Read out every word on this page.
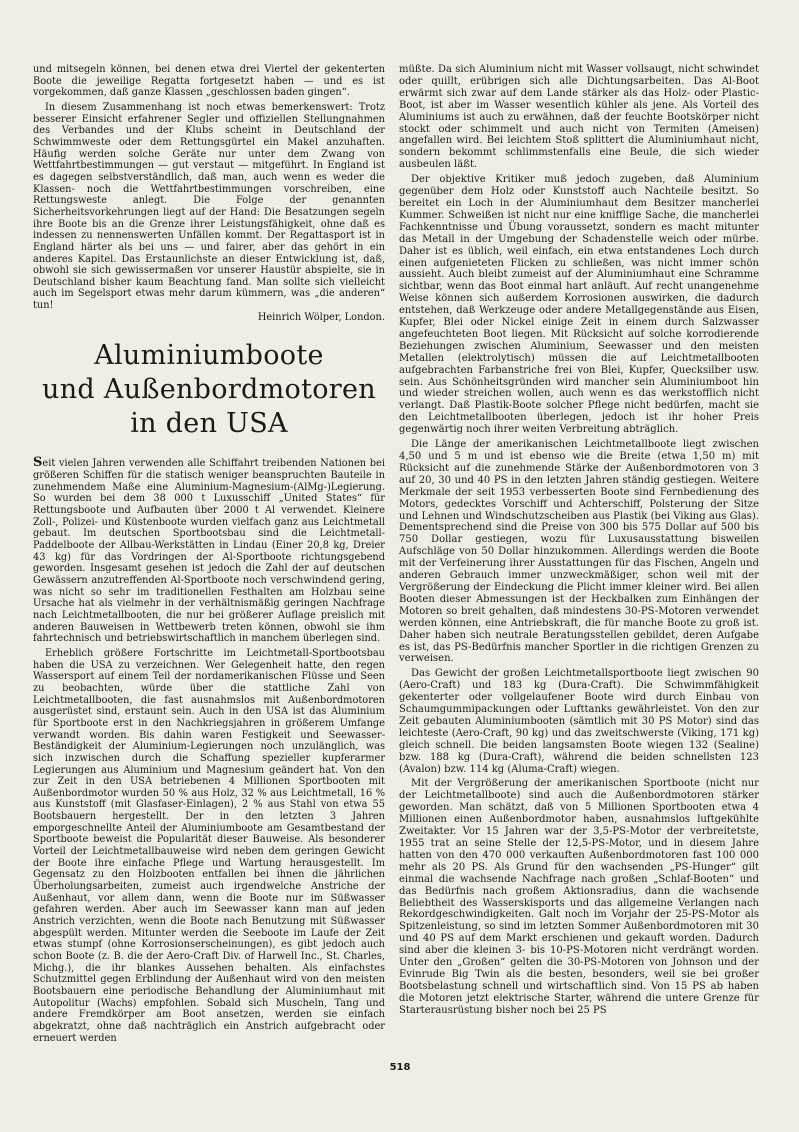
und mitsegeln können, bei denen etwa drei Viertel der gekenterten Boote die jeweilige Regatta fortgesetzt haben — und es ist vorgekommen, daß ganze Klassen „geschlossen baden gingen“.

In diesem Zusammenhang ist noch etwas bemerkenswert: Trotz besserer Einsicht erfahrener Segler und offiziellen Stellungnahmen des Verbandes und der Klubs scheint in Deutschland der Schwimmweste oder dem Rettungsgürtel ein Makel anzuhaften. Häufig werden solche Geräte nur unter dem Zwang von Wettfahrtbestimmungen — gut verstaut — mitgeführt. In England ist es dagegen selbstverständlich, daß man, auch wenn es weder die Klassen- noch die Wettfahrtbestimmungen vorschreiben, eine Rettungsweste anlegt. Die Folge der genannten Sicherheitsvorkehrungen liegt auf der Hand: Die Besatzungen segeln ihre Boote bis an die Grenze ihrer Leistungsfähigkeit, ohne daß es indessen zu nennenswerten Unfällen kommt. Der Regattasport ist in England härter als bei uns — und fairer, aber das gehört in ein anderes Kapitel. Das Erstaunlichste an dieser Entwicklung ist, daß, obwohl sie sich gewissermaßen vor unserer Haustür abspielte, sie in Deutschland bisher kaum Beachtung fand. Man sollte sich vielleicht auch im Segelsport etwas mehr darum kümmern, was „die anderen“ tun!
Heinrich Wölper, London.

Aluminiumboote
und Außenbordmotoren
in den USA

Seit vielen Jahren verwenden alle Schiffahrt treibenden Nationen bei größeren Schiffen für die statisch weniger beanspruchten Bauteile in zunehmendem Maße eine Aluminium-Magnesium-(AlMg-)Legierung. So wurden bei dem 38 000 t Luxusschiff „United States“ für Rettungsboote und Aufbauten über 2000 t Al verwendet. Kleinere Zoll-, Polizei- und Küstenboote wurden vielfach ganz aus Leichtmetall gebaut. Im deutschen Sportbootsbau sind die Leichtmetall-Paddelboote der Allbau-Werkstätten in Lindau (Einer 20,8 kg, Dreier 43 kg) für das Vordringen der Al-Sportboote richtungsgebend geworden. Insgesamt gesehen ist jedoch die Zahl der auf deutschen Gewässern anzutreffenden Al-Sportboote noch verschwindend gering, was nicht so sehr im traditionellen Festhalten am Holzbau seine Ursache hat als vielmehr in der verhältnismäßig geringen Nachfrage nach Leichtmetallbooten, die nur bei größerer Auflage preislich mit anderen Bauweisen in Wettbewerb treten können, obwohl sie ihm fahrtechnisch und betriebswirtschaftlich in manchem überlegen sind.

Erheblich größere Fortschritte im Leichtmetall-Sportbootsbau haben die USA zu verzeichnen. Wer Gelegenheit hatte, den regen Wassersport auf einem Teil der nordamerikanischen Flüsse und Seen zu beobachten, würde über die stattliche Zahl von Leichtmetallbooten, die fast ausnahmslos mit Außenbordmotoren ausgerüstet sind, erstaunt sein. Auch in den USA ist das Aluminium für Sportboote erst in den Nachkriegsjahren in größerem Umfange verwandt worden. Bis dahin waren Festigkeit und Seewasser-Beständigkeit der Aluminium-Legierungen noch unzulänglich, was sich inzwischen durch die Schaffung spezieller kupferarmer Legierungen aus Aluminium und Magnesium geändert hat. Von den zur Zeit in den USA betriebenen 4 Millionen Sportbooten mit Außenbordmotor wurden 50 % aus Holz, 32 % aus Leichtmetall, 16 % aus Kunststoff (mit Glasfaser-Einlagen), 2 % aus Stahl von etwa 55 Bootsbauern hergestellt. Der in den letzten 3 Jahren emporgeschnellte Anteil der Aluminiumboote am Gesamtbestand der Sportboote beweist die Popularität dieser Bauweise. Als besonderer Vorteil der Leichtmetallbauweise wird neben dem geringen Gewicht der Boote ihre einfache Pflege und Wartung herausgestellt. Im Gegensatz zu den Holzbooten entfallen bei ihnen die jährlichen Überholungsarbeiten, zumeist auch irgendwelche Anstriche der Außenhaut, vor allem dann, wenn die Boote nur im Süßwasser gefahren werden. Aber auch im Seewasser kann man auf jeden Anstrich verzichten, wenn die Boote nach Benutzung mit Süßwasser abgespült werden. Mitunter werden die Seeboote im Laufe der Zeit etwas stumpf (ohne Korrosionserscheinungen), es gibt jedoch auch schon Boote (z. B. die der Aero-Craft Div. of Harwell Inc., St. Charles, Michg.), die ihr blankes Aussehen behalten. Als einfachstes Schutzmittel gegen Erblindung der Außenhaut wird von den meisten Bootsbauern eine periodische Behandlung der Aluminiumhaut mit Autopolitur (Wachs) empfohlen. Sobald sich Muscheln, Tang und andere Fremdkörper am Boot ansetzen, werden sie einfach abgekratzt, ohne daß nachträglich ein Anstrich aufgebracht oder erneuert werden

müßte. Da sich Aluminium nicht mit Wasser vollsaugt, nicht schwindet oder quillt, erübrigen sich alle Dichtungsarbeiten. Das Al-Boot erwärmt sich zwar auf dem Lande stärker als das Holz- oder Plastic-Boot, ist aber im Wasser wesentlich kühler als jene. Als Vorteil des Aluminiums ist auch zu erwähnen, daß der feuchte Bootskörper nicht stockt oder schimmelt und auch nicht von Termiten (Ameisen) angefallen wird. Bei leichtem Stoß splittert die Aluminiumhaut nicht, sondern bekommt schlimmstenfalls eine Beule, die sich wieder ausbeulen läßt.

Der objektive Kritiker muß jedoch zugeben, daß Aluminium gegenüber dem Holz oder Kunststoff auch Nachteile besitzt. So bereitet ein Loch in der Aluminiumhaut dem Besitzer mancherlei Kummer. Schweißen ist nicht nur eine knifflige Sache, die mancherlei Fachkenntnisse und Übung voraussetzt, sondern es macht mitunter das Metall in der Umgebung der Schadenstelle weich oder mürbe. Daher ist es üblich, weil einfach, ein etwa entstandenes Loch durch einen aufgenieteten Flicken zu schließen, was nicht immer schön aussieht. Auch bleibt zumeist auf der Aluminiumhaut eine Schramme sichtbar, wenn das Boot einmal hart anläuft. Auf recht unangenehme Weise können sich außerdem Korrosionen auswirken, die dadurch entstehen, daß Werkzeuge oder andere Metallgegenstände aus Eisen, Kupfer, Blei oder Nickel einige Zeit in einem durch Salzwasser angefeuchteten Boot liegen. Mit Rücksicht auf solche korrodierende Beziehungen zwischen Aluminium, Seewasser und den meisten Metallen (elektrolytisch) müssen die auf Leichtmetallbooten aufgebrachten Farbanstriche frei von Blei, Kupfer, Quecksilber usw. sein. Aus Schönheitsgründen wird mancher sein Aluminiumboot hin und wieder streichen wollen, auch wenn es das werkstofflich nicht verlangt. Daß Plastik-Boote solcher Pflege nicht bedürfen, macht sie den Leichtmetallbooten überlegen, jedoch ist ihr hoher Preis gegenwärtig noch ihrer weiten Verbreitung abträglich.

Die Länge der amerikanischen Leichtmetallboote liegt zwischen 4,50 und 5 m und ist ebenso wie die Breite (etwa 1,50 m) mit Rücksicht auf die zunehmende Stärke der Außenbordmotoren von 3 auf 20, 30 und 40 PS in den letzten Jahren ständig gestiegen. Weitere Merkmale der seit 1953 verbesserten Boote sind Fernbedienung des Motors, gedecktes Vorschiff und Achterschiff, Polsterung der Sitze und Lehnen und Windschutzscheiben aus Plastik (bei Viking aus Glas). Dementsprechend sind die Preise von 300 bis 575 Dollar auf 500 bis 750 Dollar gestiegen, wozu für Luxusausstattung bisweilen Aufschläge von 50 Dollar hinzukommen. Allerdings werden die Boote mit der Verfeinerung ihrer Ausstattungen für das Fischen, Angeln und anderen Gebrauch immer unzweckmäßiger, schon weil mit der Vergrößerung der Eindeckung die Plicht immer kleiner wird. Bei allen Booten dieser Abmessungen ist der Heckbalken zum Einhängen der Motoren so breit gehalten, daß mindestens 30-PS-Motoren verwendet werden können, eine Antriebskraft, die für manche Boote zu groß ist. Daher haben sich neutrale Beratungsstellen gebildet, deren Aufgabe es ist, das PS-Bedürfnis mancher Sportler in die richtigen Grenzen zu verweisen.

Das Gewicht der großen Leichtmetallsportboote liegt zwischen 90 (Aero-Craft) und 183 kg (Dura-Craft). Die Schwimmfähigkeit gekenterter oder vollgelaufener Boote wird durch Einbau von Schaumgummipackungen oder Lufttanks gewährleistet. Von den zur Zeit gebauten Aluminiumbooten (sämtlich mit 30 PS Motor) sind das leichteste (Aero-Craft, 90 kg) und das zweitschwerste (Viking, 171 kg) gleich schnell. Die beiden langsamsten Boote wiegen 132 (Sealine) bzw. 188 kg (Dura-Craft), während die beiden schnellsten 123 (Avalon) bzw. 114 kg (Aluma-Craft) wiegen.

Mit der Vergrößerung der amerikanischen Sportboote (nicht nur der Leichtmetallboote) sind auch die Außenbordmotoren stärker geworden. Man schätzt, daß von 5 Millionen Sportbooten etwa 4 Millionen einen Außenbordmotor haben, ausnahmslos luftgekühlte Zweitakter. Vor 15 Jahren war der 3,5-PS-Motor der verbreitetste, 1955 trat an seine Stelle der 12,5-PS-Motor, und in diesem Jahre hatten von den 470 000 verkauften Außenbordmotoren fast 100 000 mehr als 20 PS. Als Grund für den wachsenden „PS-Hunger“ gilt einmal die wachsende Nachfrage nach großen „Schlaf-Booten“ und das Bedürfnis nach großem Aktionsradius, dann die wachsende Beliebtheit des Wasserskisports und das allgemeine Verlangen nach Rekordgeschwindigkeiten. Galt noch im Vorjahr der 25-PS-Motor als Spitzenleistung, so sind im letzten Sommer Außenbordmotoren mit 30 und 40 PS auf dem Markt erschienen und gekauft worden. Dadurch sind aber die kleinen 3- bis 10-PS-Motoren nicht verdrängt worden. Unter den „Großen“ gelten die 30-PS-Motoren von Johnson und der Evinrude Big Twin als die besten, besonders, weil sie bei großer Bootsbelastung schnell und wirtschaftlich sind. Von 15 PS ab haben die Motoren jetzt elektrische Starter, während die untere Grenze für Starterausrüstung bisher noch bei 25 PS

518
